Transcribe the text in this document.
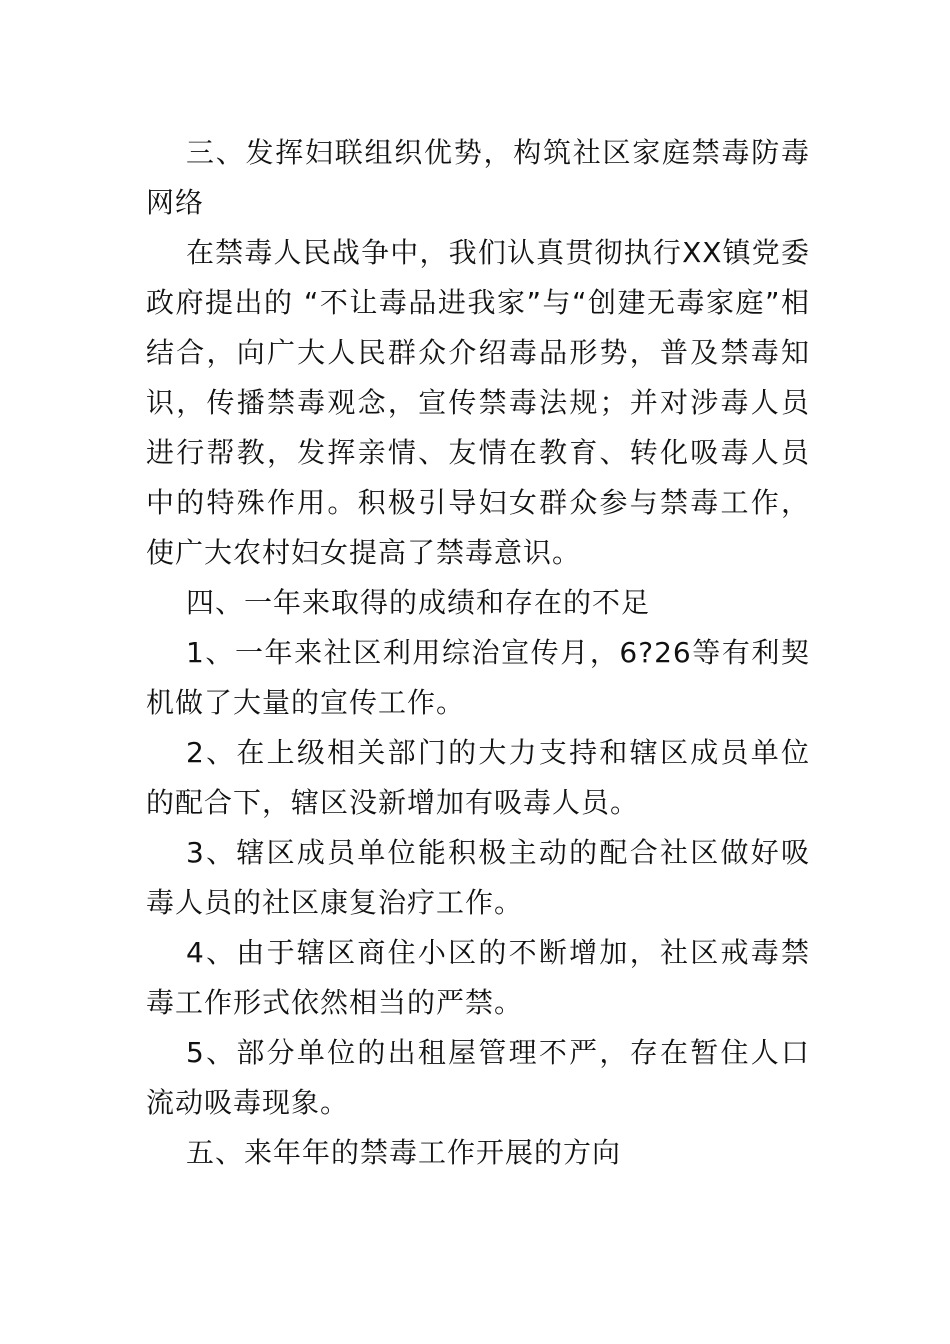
三、发挥妇联组织优势，构筑社区家庭禁毒防毒网络

在禁毒人民战争中，我们认真贯彻执行XX镇党委政府提出的 “不让毒品进我家”与“创建无毒家庭”相结合，向广大人民群众介绍毒品形势，普及禁毒知识，传播禁毒观念，宣传禁毒法规；并对涉毒人员进行帮教，发挥亲情、友情在教育、转化吸毒人员中的特殊作用。积极引导妇女群众参与禁毒工作，使广大农村妇女提高了禁毒意识。

四、一年来取得的成绩和存在的不足

1、一年来社区利用综治宣传月，6?26等有利契机做了大量的宣传工作。

2、在上级相关部门的大力支持和辖区成员单位的配合下，辖区没新增加有吸毒人员。

3、辖区成员单位能积极主动的配合社区做好吸毒人员的社区康复治疗工作。

4、由于辖区商住小区的不断增加，社区戒毒禁毒工作形式依然相当的严禁。

5、部分单位的出租屋管理不严，存在暂住人口流动吸毒现象。

五、来年年的禁毒工作开展的方向
